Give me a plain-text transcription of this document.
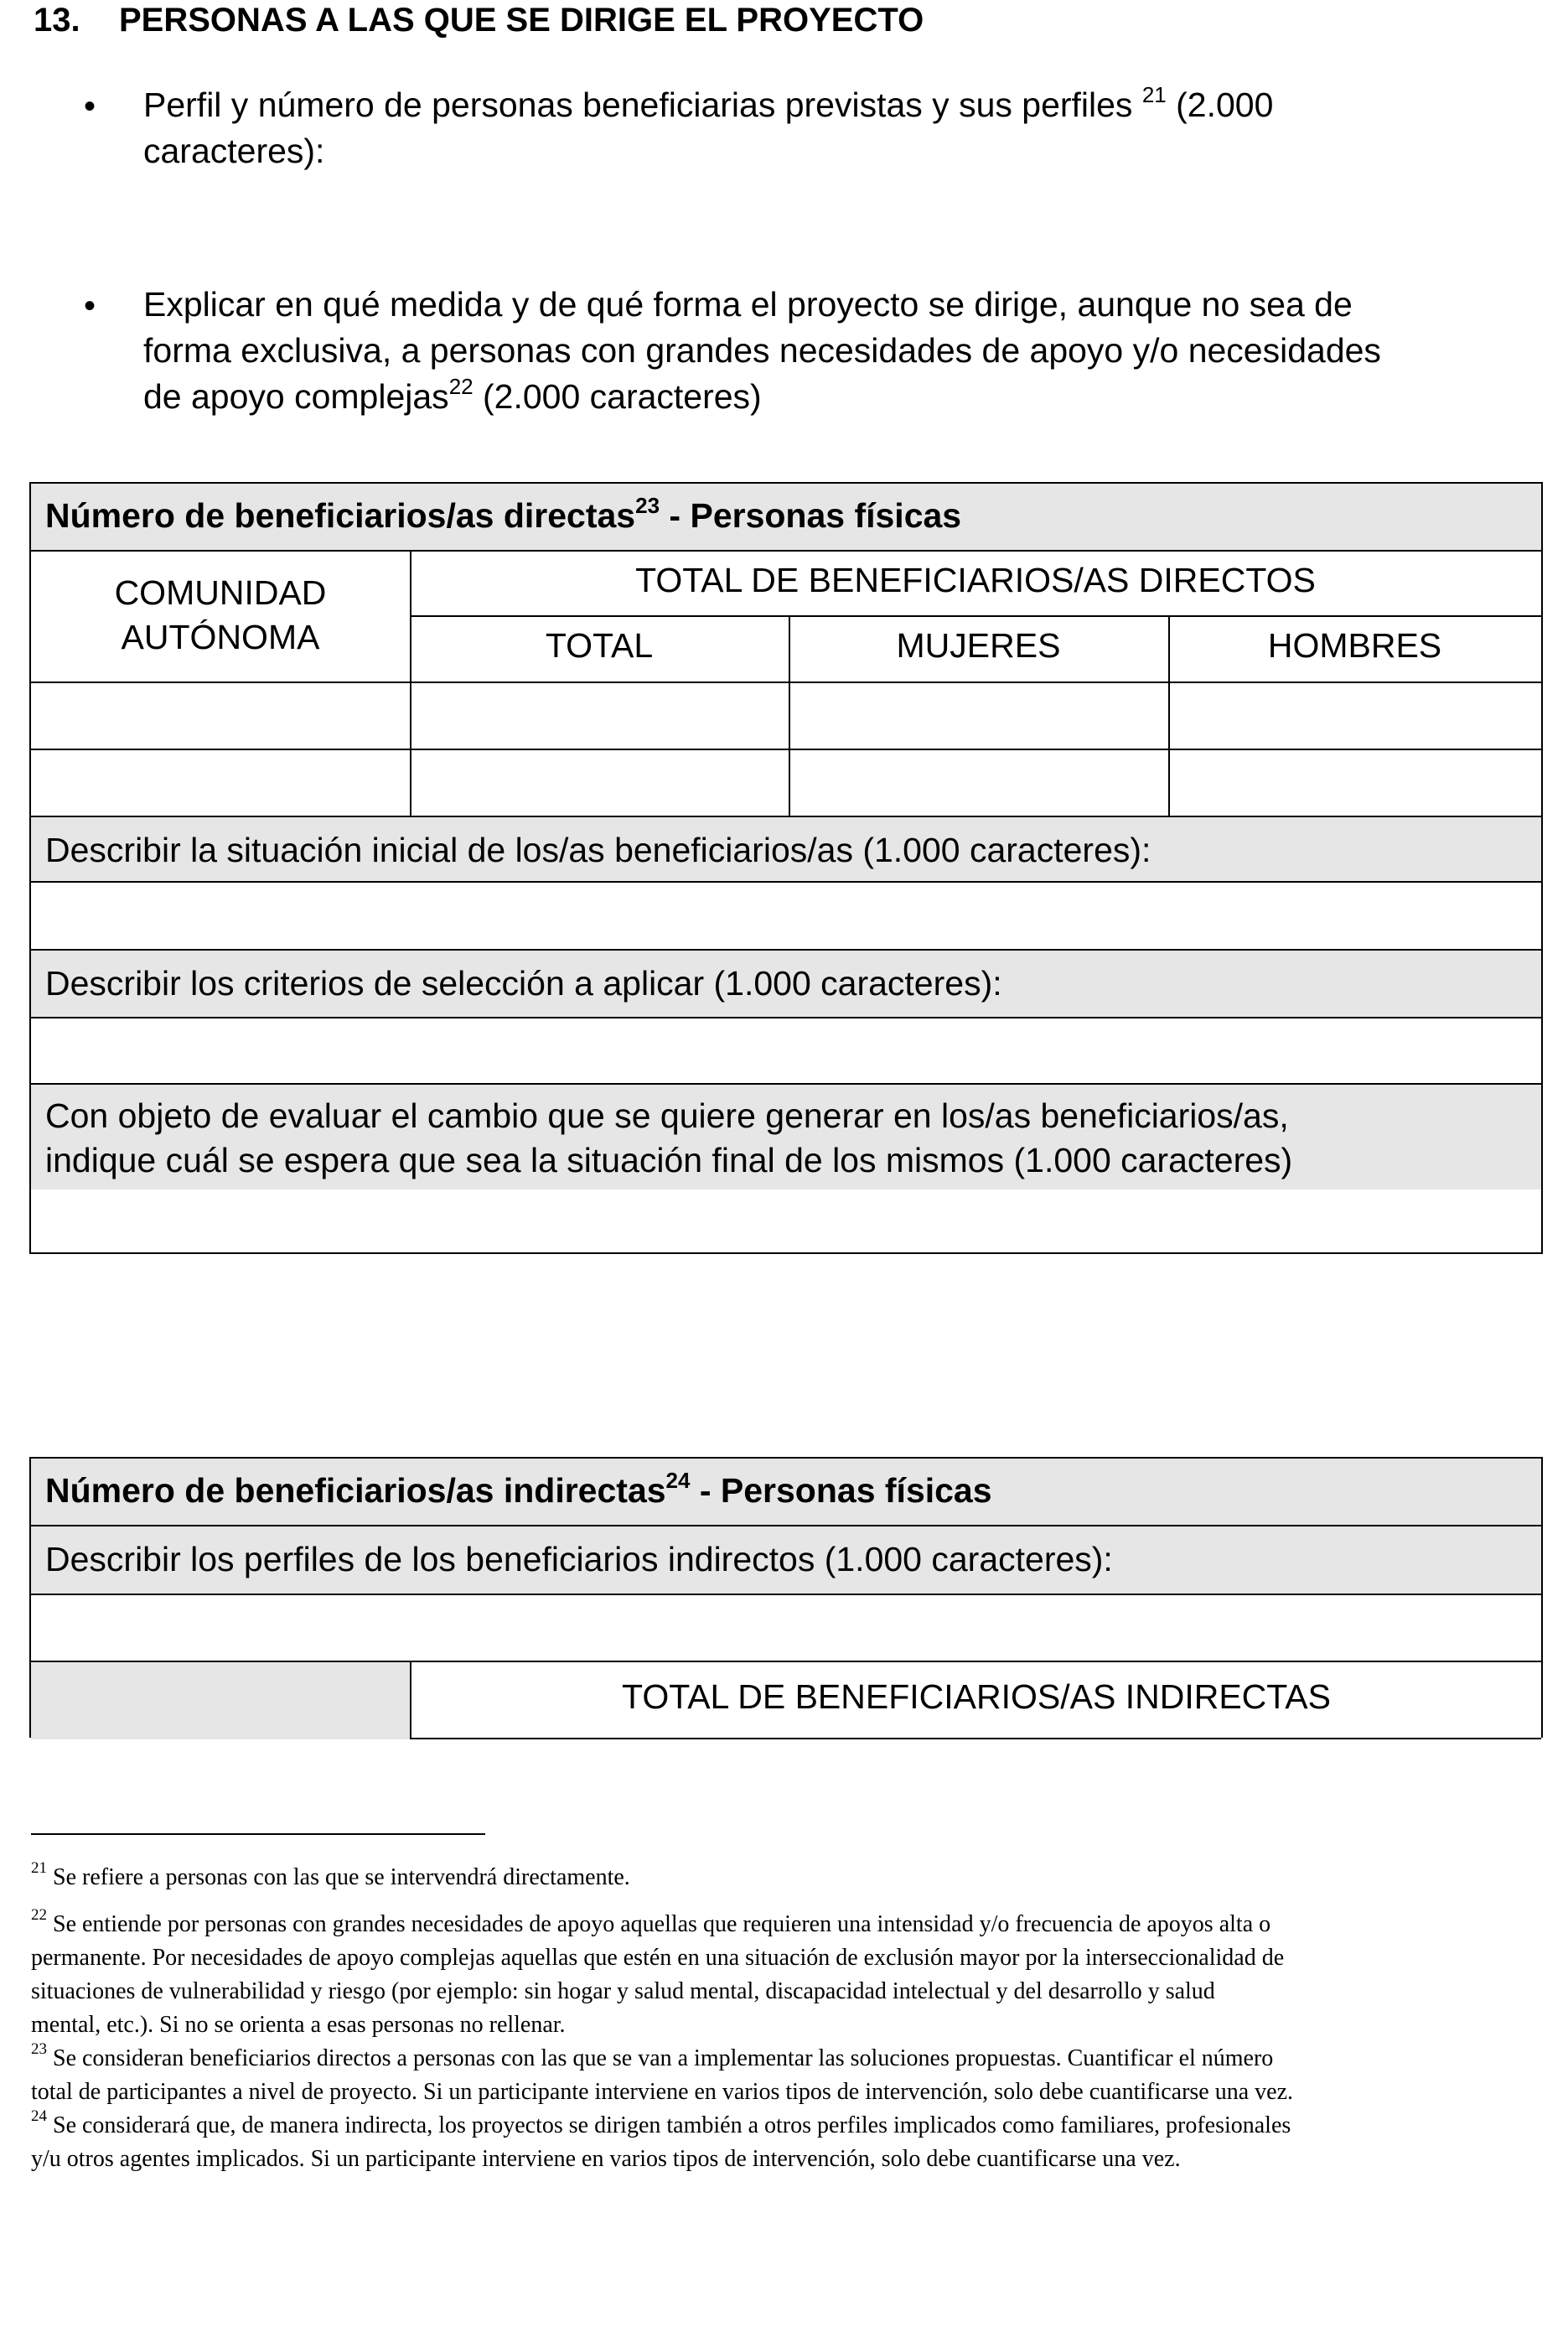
13. PERSONAS A LAS QUE SE DIRIGE EL PROYECTO
• Perfil y número de personas beneficiarias previstas y sus perfiles $^{21}$ (2.000
caracteres):
• Explicar en qué medida y de qué forma el proyecto se dirige, aunque no sea de
forma exclusiva, a personas con grandes necesidades de apoyo y/o necesidades
de apoyo complejas$^{22}$ (2.000 caracteres)
Número de beneficiarios/as directas$^{23}$ - Personas físicas
COMUNIDAD
AUTÓNOMA
TOTAL DE BENEFICIARIOS/AS DIRECTOS
TOTAL	MUJERES	HOMBRES
Describir la situación inicial de los/as beneficiarios/as (1.000 caracteres):
Describir los criterios de selección a aplicar (1.000 caracteres):
Con objeto de evaluar el cambio que se quiere generar en los/as beneficiarios/as,
indique cuál se espera que sea la situación final de los mismos (1.000 caracteres)
Número de beneficiarios/as indirectas$^{24}$ - Personas físicas
Describir los perfiles de los beneficiarios indirectos (1.000 caracteres):
TOTAL DE BENEFICIARIOS/AS INDIRECTAS
$^{21}$ Se refiere a personas con las que se intervendrá directamente.
$^{22}$ Se entiende por personas con grandes necesidades de apoyo aquellas que requieren una intensidad y/o frecuencia de apoyos alta o
permanente. Por necesidades de apoyo complejas aquellas que estén en una situación de exclusión mayor por la interseccionalidad de
situaciones de vulnerabilidad y riesgo (por ejemplo: sin hogar y salud mental, discapacidad intelectual y del desarrollo y salud
mental, etc.). Si no se orienta a esas personas no rellenar.
$^{23}$ Se consideran beneficiarios directos a personas con las que se van a implementar las soluciones propuestas. Cuantificar el número
total de participantes a nivel de proyecto. Si un participante interviene en varios tipos de intervención, solo debe cuantificarse una vez.
$^{24}$ Se considerará que, de manera indirecta, los proyectos se dirigen también a otros perfiles implicados como familiares, profesionales
y/u otros agentes implicados. Si un participante interviene en varios tipos de intervención, solo debe cuantificarse una vez.
